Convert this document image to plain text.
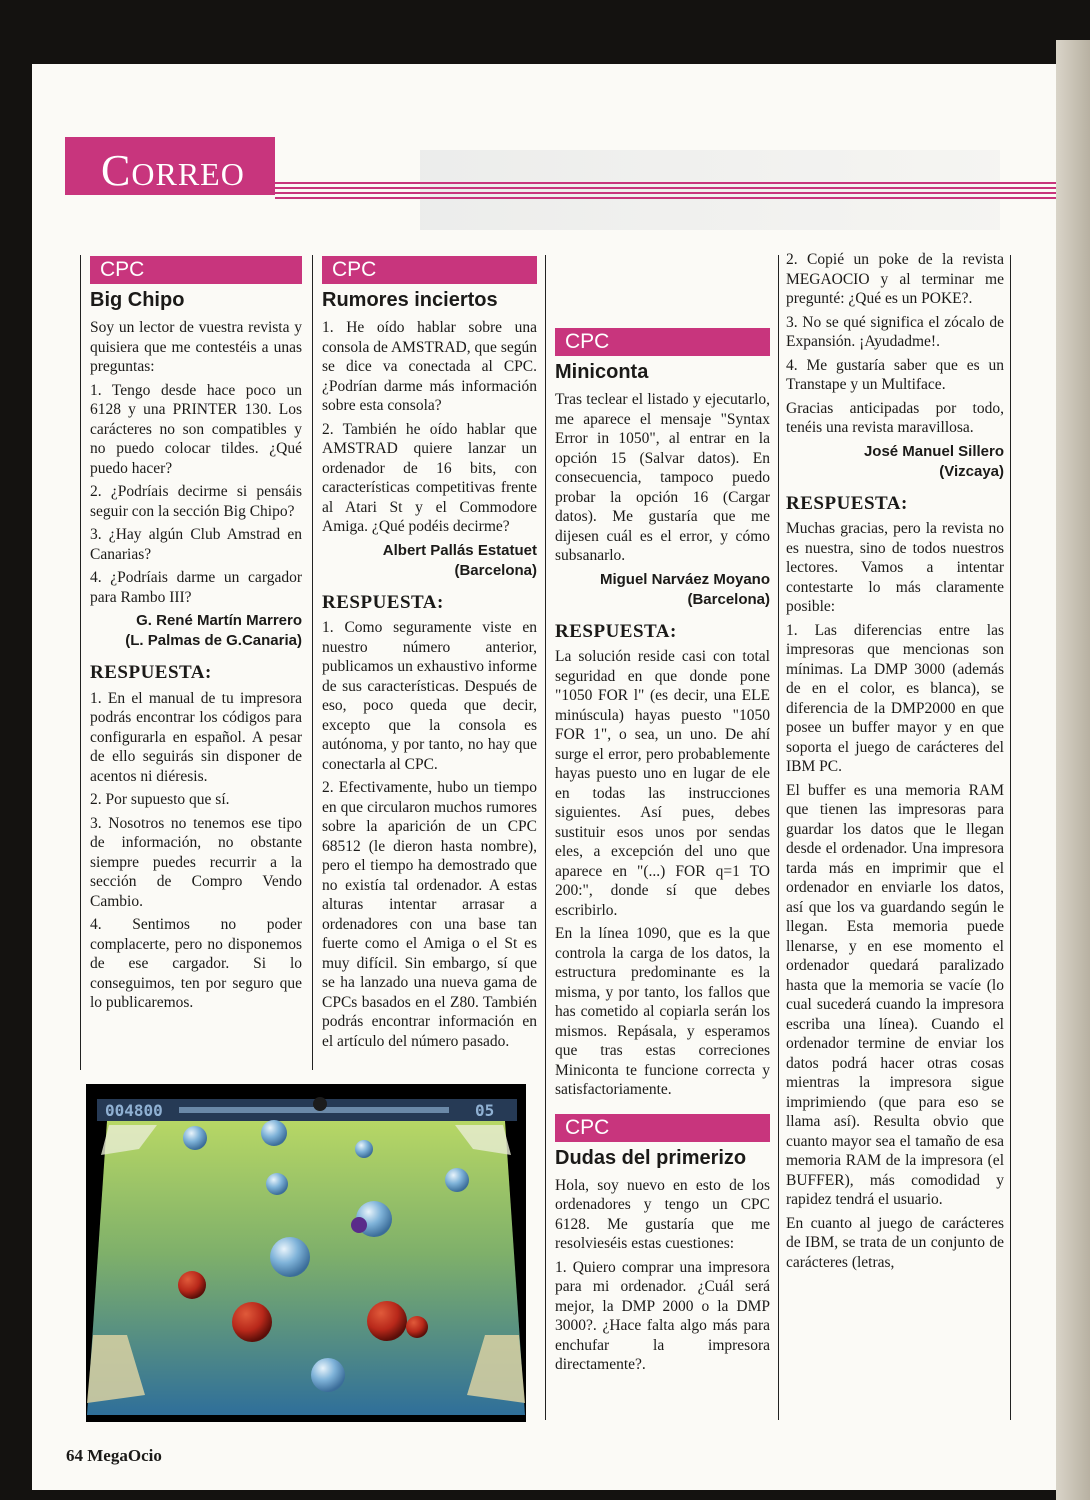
CORREO
CPC
Big Chipo

Soy un lector de vuestra revista y quisiera que me contestéis a unas preguntas:

1. Tengo desde hace poco un 6128 y una PRINTER 130. Los carácteres no son compatibles y no puedo colocar tildes. ¿Qué puedo hacer?

2. ¿Podríais decirme si pensáis seguir con la sección Big Chipo?

3. ¿Hay algún Club Amstrad en Canarias?

4. ¿Podríais darme un cargador para Rambo III?

G. René Martín Marrero
(L. Palmas de G.Canaria)
RESPUESTA:

1. En el manual de tu impresora podrás encontrar los códigos para configurarla en español. A pesar de ello seguirás sin disponer de acentos ni diéresis.

2. Por supuesto que sí.

3. Nosotros no tenemos ese tipo de información, no obstante siempre puedes recurrir a la sección de Compro Vendo Cambio.

4. Sentimos no poder complacerte, pero no disponemos de ese cargador. Si lo conseguimos, ten por seguro que lo publicaremos.

CPC
Rumores inciertos

1. He oído hablar sobre una consola de AMSTRAD, que según se dice va conectada al CPC. ¿Podrían darme más información sobre esta consola?

2. También he oído hablar que AMSTRAD quiere lanzar un ordenador de 16 bits, con características competitivas frente al Atari St y el Commodore Amiga. ¿Qué podéis decirme?

Albert Pallás Estatuet
(Barcelona)
RESPUESTA:

1. Como seguramente viste en nuestro número anterior, publicamos un exhaustivo informe de sus características. Después de eso, poco queda que decir, excepto que la consola es autónoma, y por tanto, no hay que conectarla al CPC.

2. Efectivamente, hubo un tiempo en que circularon muchos rumores sobre la aparición de un CPC 68512 (le dieron hasta nombre), pero el tiempo ha demostrado que no existía tal ordenador. A estas alturas intentar arrasar a ordenadores con una base tan fuerte como el Amiga o el St es muy difícil. Sin embargo, sí que se ha lanzado una nueva gama de CPCs basados en el Z80. También podrás encontrar información en el artículo del número pasado.

CPC
Miniconta

Tras teclear el listado y ejecutarlo, me aparece el mensaje "Syntax Error in 1050", al entrar en la opción 15 (Salvar datos). En consecuencia, tampoco puedo probar la opción 16 (Cargar datos). Me gustaría que me dijesen cuál es el error, y cómo subsanarlo.

Miguel Narváez Moyano
(Barcelona)
RESPUESTA:

La solución reside casi con total seguridad en que donde pone "1050 FOR l" (es decir, una ELE minúscula) hayas puesto "1050 FOR 1", o sea, un uno. De ahí surge el error, pero probablemente hayas puesto uno en lugar de ele en todas las instrucciones siguientes. Así pues, debes sustituir esos unos por sendas eles, a excepción del uno que aparece en "(...) FOR q=1 TO 200:", donde sí que debes escribirlo.

En la línea 1090, que es la que controla la carga de los datos, la estructura predominante es la misma, y por tanto, los fallos que has cometido al copiarla serán los mismos. Repásala, y esperamos que tras estas correciones Miniconta te funcione correcta y satisfactoriamente.

CPC
Dudas del primerizo

Hola, soy nuevo en esto de los ordenadores y tengo un CPC 6128. Me gustaría que me resolvieséis estas cuestiones:

1. Quiero comprar una impresora para mi ordenador. ¿Cuál será mejor, la DMP 2000 o la DMP 3000?. ¿Hace falta algo más para enchufar la impresora directamente?.

2. Copié un poke de la revista MEGAOCIO y al terminar me pregunté: ¿Qué es un POKE?.

3. No se qué significa el zócalo de Expansión. ¡Ayudadme!.

4. Me gustaría saber que es un Transtape y un Multiface.

Gracias anticipadas por todo, tenéis una revista maravillosa.

José Manuel Sillero
(Vizcaya)
RESPUESTA:

Muchas gracias, pero la revista no es nuestra, sino de todos nuestros lectores. Vamos a intentar contestarte lo más claramente posible:

1. Las diferencias entre las impresoras que mencionas son mínimas. La DMP 3000 (además de en el color, es blanca), se diferencia de la DMP2000 en que posee un buffer mayor y en que soporta el juego de carácteres del IBM PC.

El buffer es una memoria RAM que tienen las impresoras para guardar los datos que le llegan desde el ordenador. Una impresora tarda más en imprimir que el ordenador en enviarle los datos, así que los va guardando según le llegan. Esta memoria puede llenarse, y en ese momento el ordenador quedará paralizado hasta que la memoria se vacíe (lo cual sucederá cuando la impresora escriba una línea). Cuando el ordenador termine de enviar los datos podrá hacer otras cosas mientras la impresora sigue imprimiendo (que para eso se llama así). Resulta obvio que cuanto mayor sea el tamaño de esa memoria RAM de la impresora (el BUFFER), más comodidad y rapidez tendrá el usuario.

En cuanto al juego de carácteres de IBM, se trata de un conjunto de carácteres (letras,

004800	05
64 MegaOcio
